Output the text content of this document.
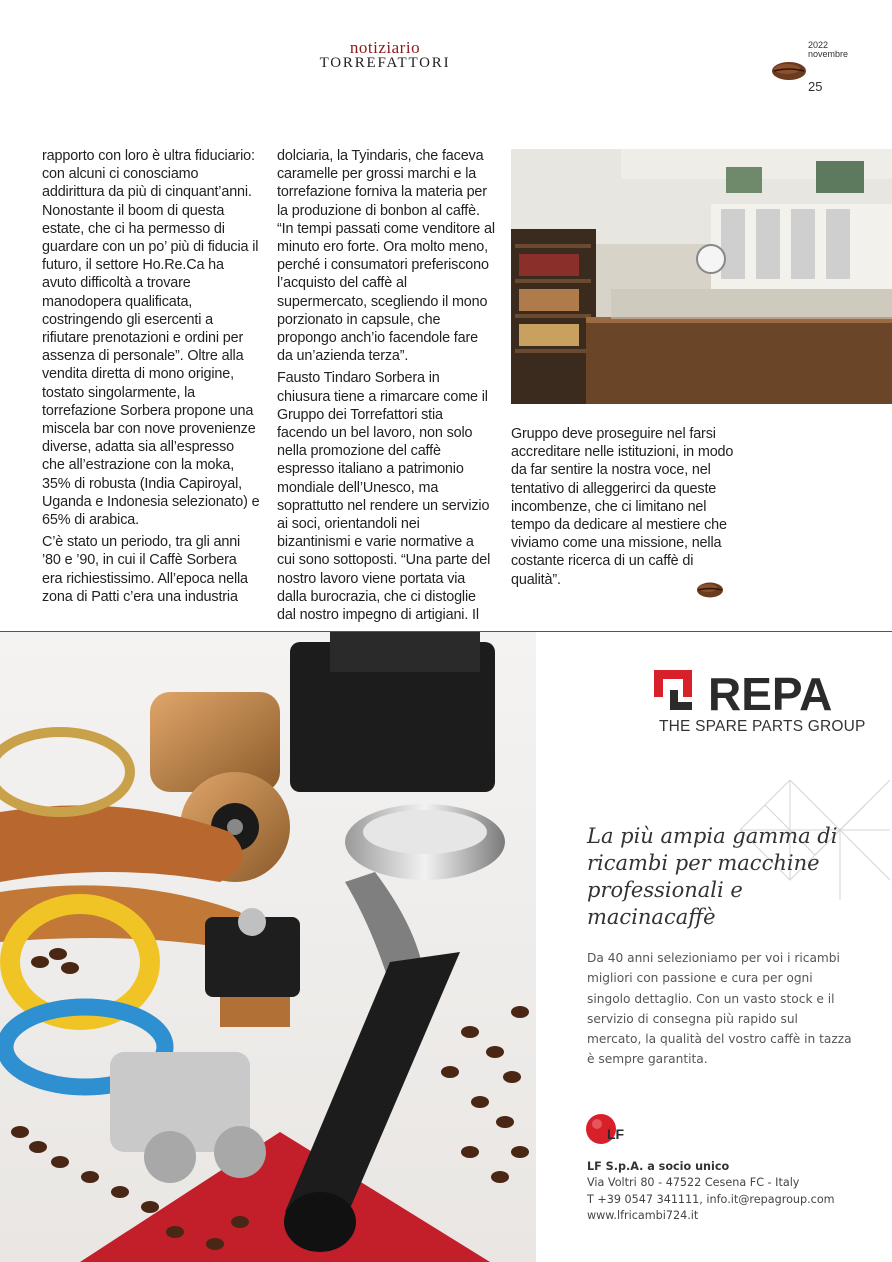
notiziario
TORREFATTORI
2022
novembre
25

rapporto con loro è ultra fiduciario: con alcuni ci conosciamo addirittura da più di cinquant’anni. Nonostante il boom di questa estate, che ci ha permesso di guardare con un po’ più di fiducia il futuro, il settore Ho.Re.Ca ha avuto difficoltà a trovare manodopera qualificata, costringendo gli esercenti a rifiutare prenotazioni e ordini per assenza di personale”. Oltre alla vendita diretta di mono origine, tostato singolarmente, la torrefazione Sorbera propone una miscela bar con nove provenienze diverse, adatta sia all’espresso che all’estrazione con la moka, 35% di robusta (India Capiroyal, Uganda e Indonesia selezionato) e 65% di arabica.

C’è stato un periodo, tra gli anni ’80 e ’90, in cui il Caffè Sorbera era richiestissimo. All’epoca nella zona di Patti c’era una industria

dolciaria, la Tyindaris, che faceva caramelle per grossi marchi e la torrefazione forniva la materia per la produzione di bonbon al caffè. “In tempi passati come venditore al minuto ero forte. Ora molto meno, perché i consumatori preferiscono l’acquisto del caffè al supermercato, scegliendo il mono porzionato in capsule, che propongo anch’io facendole fare da un’azienda terza”.

Fausto Tindaro Sorbera in chiusura tiene a rimarcare come il Gruppo dei Torrefattori stia facendo un bel lavoro, non solo nella promozione del caffè espresso italiano a patrimonio mondiale dell’Unesco, ma soprattutto nel rendere un servizio ai soci, orientandoli nei bizantinismi e varie normative a cui sono sottoposti. “Una parte del nostro lavoro viene portata via dalla burocrazia, che ci distoglie dal nostro impegno di artigiani. Il

Gruppo deve proseguire nel farsi accreditare nelle istituzioni, in modo da far sentire la nostra voce, nel tentativo di alleggerirci da queste incombenze, che ci limitano nel tempo da dedicare al mestiere che viviamo come una missione, nella costante ricerca di un caffè di qualità”.

REPA
THE SPARE PARTS GROUP
La più ampia gamma di ricambi per macchine professionali e macinacaffè
Da 40 anni selezioniamo per voi i ricambi migliori con passione e cura per ogni singolo dettaglio. Con un vasto stock e il servizio di consegna più rapido sul mercato, la qualità del vostro caffè in tazza è sempre garantita.
LF
LF S.p.A. a socio unico
Via Voltri 80 - 47522 Cesena FC - Italy
T +39 0547 341111, info.it@repagroup.com
www.lfricambi724.it
